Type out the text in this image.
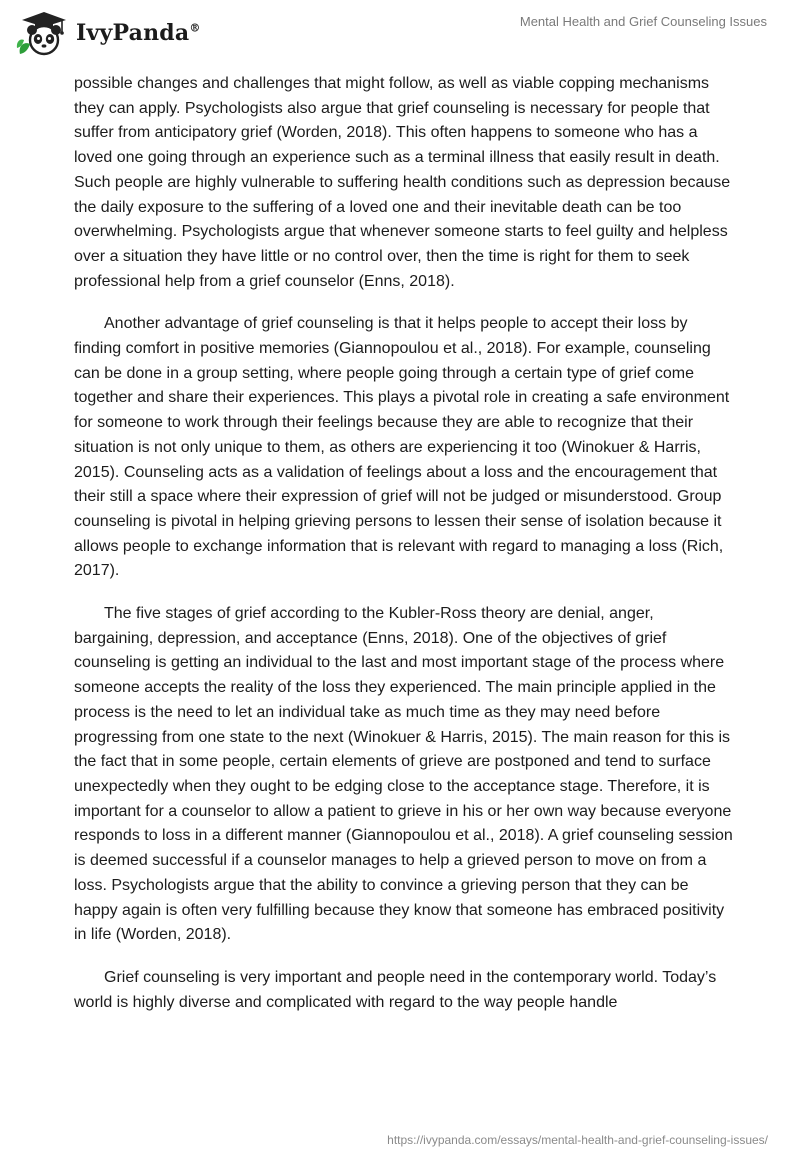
IvyPanda®	Mental Health and Grief Counseling Issues

possible changes and challenges that might follow, as well as viable copping mechanisms they can apply. Psychologists also argue that grief counseling is necessary for people that suffer from anticipatory grief (Worden, 2018). This often happens to someone who has a loved one going through an experience such as a terminal illness that easily result in death. Such people are highly vulnerable to suffering health conditions such as depression because the daily exposure to the suffering of a loved one and their inevitable death can be too overwhelming. Psychologists argue that whenever someone starts to feel guilty and helpless over a situation they have little or no control over, then the time is right for them to seek professional help from a grief counselor (Enns, 2018).

Another advantage of grief counseling is that it helps people to accept their loss by finding comfort in positive memories (Giannopoulou et al., 2018). For example, counseling can be done in a group setting, where people going through a certain type of grief come together and share their experiences. This plays a pivotal role in creating a safe environment for someone to work through their feelings because they are able to recognize that their situation is not only unique to them, as others are experiencing it too (Winokuer & Harris, 2015). Counseling acts as a validation of feelings about a loss and the encouragement that their still a space where their expression of grief will not be judged or misunderstood. Group counseling is pivotal in helping grieving persons to lessen their sense of isolation because it allows people to exchange information that is relevant with regard to managing a loss (Rich, 2017).

The five stages of grief according to the Kubler-Ross theory are denial, anger, bargaining, depression, and acceptance (Enns, 2018). One of the objectives of grief counseling is getting an individual to the last and most important stage of the process where someone accepts the reality of the loss they experienced. The main principle applied in the process is the need to let an individual take as much time as they may need before progressing from one state to the next (Winokuer & Harris, 2015). The main reason for this is the fact that in some people, certain elements of grieve are postponed and tend to surface unexpectedly when they ought to be edging close to the acceptance stage. Therefore, it is important for a counselor to allow a patient to grieve in his or her own way because everyone responds to loss in a different manner (Giannopoulou et al., 2018). A grief counseling session is deemed successful if a counselor manages to help a grieved person to move on from a loss. Psychologists argue that the ability to convince a grieving person that they can be happy again is often very fulfilling because they know that someone has embraced positivity in life (Worden, 2018).

Grief counseling is very important and people need in the contemporary world. Today’s world is highly diverse and complicated with regard to the way people handle

https://ivypanda.com/essays/mental-health-and-grief-counseling-issues/
